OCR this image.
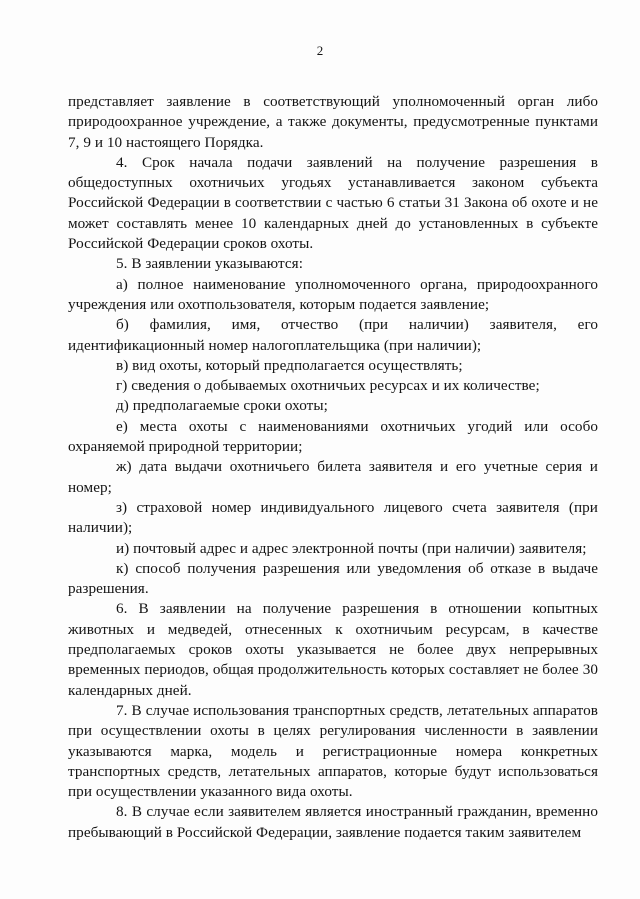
2

представляет заявление в соответствующий уполномоченный орган либо природоохранное учреждение, а также документы, предусмотренные пунктами 7, 9 и 10 настоящего Порядка.

4. Срок начала подачи заявлений на получение разрешения в общедоступных охотничьих угодьях устанавливается законом субъекта Российской Федерации в соответствии с частью 6 статьи 31 Закона об охоте и не может составлять менее 10 календарных дней до установленных в субъекте Российской Федерации сроков охоты.

5. В заявлении указываются:

а) полное наименование уполномоченного органа, природоохранного учреждения или охотпользователя, которым подается заявление;

б) фамилия, имя, отчество (при наличии) заявителя, его идентификационный номер налогоплательщика (при наличии);

в) вид охоты, который предполагается осуществлять;

г) сведения о добываемых охотничьих ресурсах и их количестве;

д) предполагаемые сроки охоты;

е) места охоты с наименованиями охотничьих угодий или особо охраняемой природной территории;

ж) дата выдачи охотничьего билета заявителя и его учетные серия и номер;

з) страховой номер индивидуального лицевого счета заявителя (при наличии);

и) почтовый адрес и адрес электронной почты (при наличии) заявителя;

к) способ получения разрешения или уведомления об отказе в выдаче разрешения.

6. В заявлении на получение разрешения в отношении копытных животных и медведей, отнесенных к охотничьим ресурсам, в качестве предполагаемых сроков охоты указывается не более двух непрерывных временных периодов, общая продолжительность которых составляет не более 30 календарных дней.

7. В случае использования транспортных средств, летательных аппаратов при осуществлении охоты в целях регулирования численности в заявлении указываются марка, модель и регистрационные номера конкретных транспортных средств, летательных аппаратов, которые будут использоваться при осуществлении указанного вида охоты.

8. В случае если заявителем является иностранный гражданин, временно пребывающий в Российской Федерации, заявление подается таким заявителем
